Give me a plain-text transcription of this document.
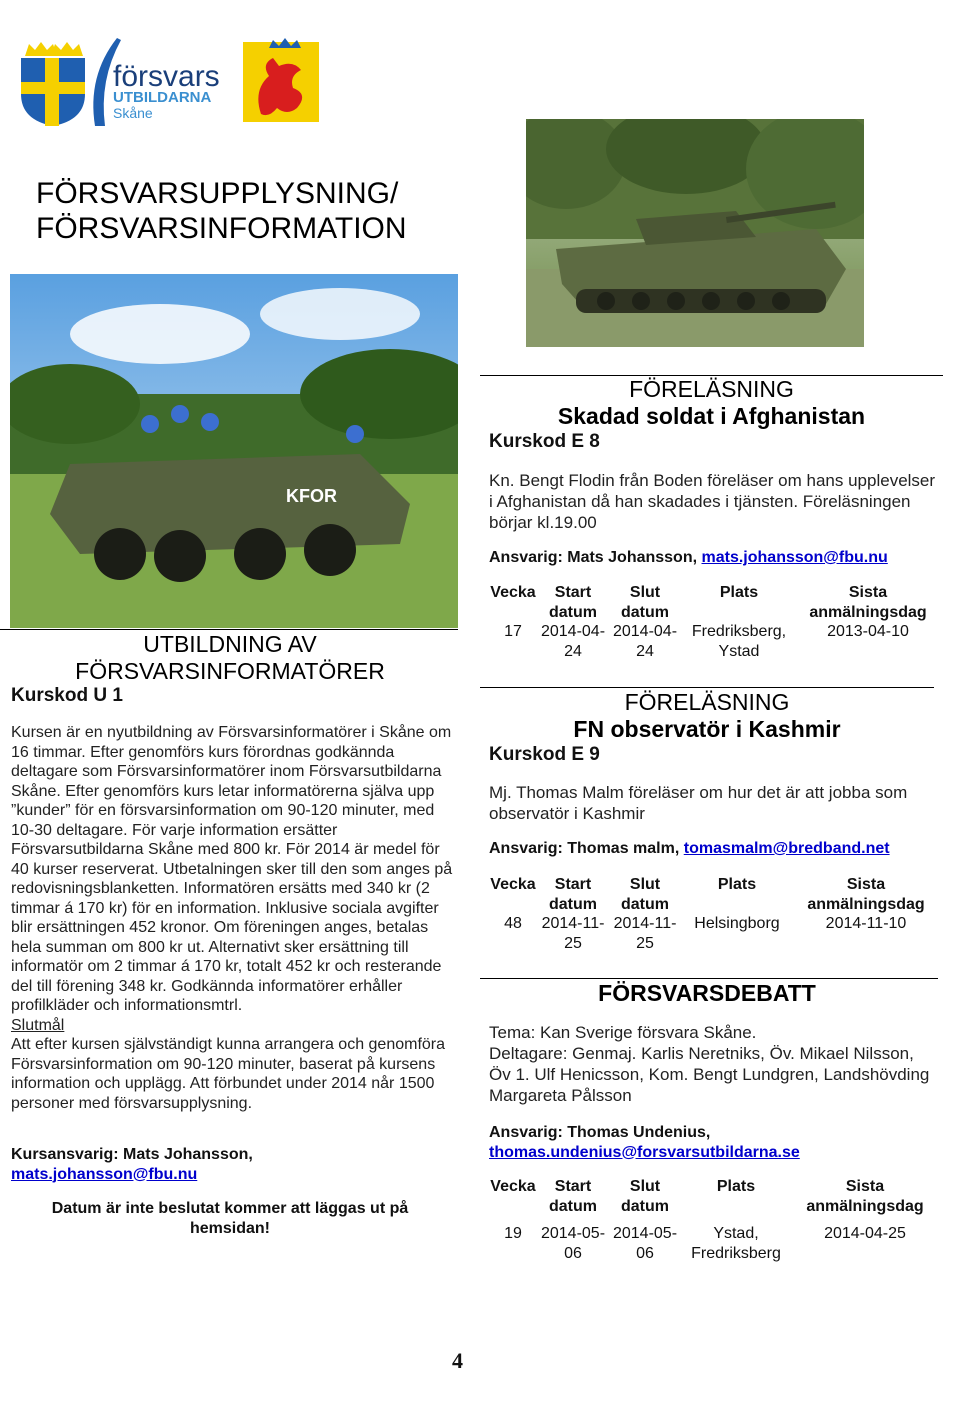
försvars
UTBILDARNA
Skåne
FÖRSVARSUPPLYSNING/
FÖRSVARSINFORMATION
KFOR
UTBILDNING AV
FÖRSVARSINFORMATÖRER
Kurskod U 1
Kursen är en nyutbildning av Försvarsinformatörer i Skåne om 16 timmar. Efter genomförs kurs förordnas godkännda deltagare som Försvarsinformatörer inom Försvarsutbildarna Skåne. Efter genomförs kurs letar informatörerna själva upp ”kunder” för en försvarsinformation om 90-120 minuter, med 10-30 deltagare. För varje information ersätter Försvarsutbildarna Skåne med 800 kr. För 2014 är medel för 40 kurser reserverat. Utbetalningen sker till den som anges på redovisningsblanketten. Informatören ersätts med 340 kr (2 timmar á 170 kr) för en information. Inklusive sociala avgifter blir ersättningen 452 kronor. Om föreningen anges, betalas hela summan om 800 kr ut. Alternativt sker ersättning till informatör om 2 timmar á 170 kr, totalt 452 kr och resterande del till förening 348 kr. Godkännda informatörer erhåller profilkläder och informationsmtrl.
Slutmål
Att efter kursen självständigt kunna arrangera och genomföra Försvarsinformation om 90-120 minuter, baserat på kursens information och upplägg. Att förbundet under 2014 når 1500 personer med försvarsupplysning.
Kursansvarig: Mats Johansson,
mats.johansson@fbu.nu
Datum är inte beslutat kommer att läggas ut på hemsidan!
FÖRELÄSNING
Skadad soldat i Afghanistan
Kurskod E 8
Kn. Bengt Flodin från Boden föreläser om hans upplevelser i Afghanistan då han skadades i tjänsten. Föreläsningen börjar kl.19.00
Ansvarig: Mats Johansson, mats.johansson@fbu.nu
Vecka	Start datum	Slut datum	Plats	Sista anmälningsdag
17	2014-04-24	2014-04-24	Fredriksberg, Ystad	2013-04-10
FÖRELÄSNING
FN observatör i Kashmir
Kurskod E 9
Mj. Thomas Malm föreläser om hur det är att jobba som observatör i Kashmir
Ansvarig: Thomas malm, tomasmalm@bredband.net
Vecka	Start datum	Slut datum	Plats	Sista anmälningsdag
48	2014-11-25	2014-11-25	Helsingborg	2014-11-10
FÖRSVARSDEBATT
Tema: Kan Sverige försvara Skåne.
Deltagare: Genmaj. Karlis Neretniks, Öv. Mikael Nilsson, Öv 1. Ulf Henicsson, Kom. Bengt Lundgren, Landshövding Margareta Pålsson
Ansvarig: Thomas Undenius,
thomas.undenius@forsvarsutbildarna.se
Vecka	Start datum	Slut datum	Plats	Sista anmälningsdag
19	2014-05-06	2014-05-06	Ystad, Fredriksberg	2014-04-25
4
